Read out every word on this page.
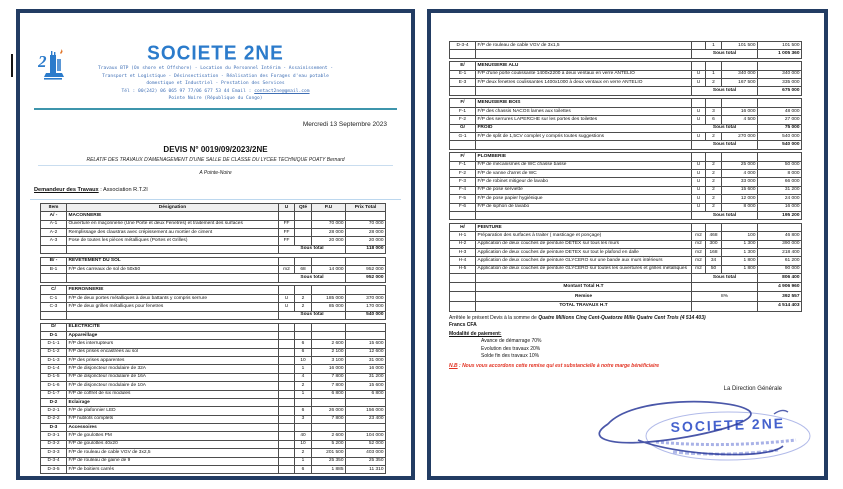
2	SOCIETE 2NE
Travaux BTP (On shore et Offshore) - Location du Personnel Intérim - Assainissement -
Transport et Logistique - Désinsectisation - Réalisation des Forages d'eau potable
domestique et Industriel - Prestation des Services
Tél : 00(242) 06 065 97 77/06 677 53 44 Email : contact2ne@gmail.com
Pointe Noire (République du Congo)
Mercredi 13 Septembre 2023
DEVIS N° 0019/09/2023/2NE
RELATIF DES TRAVAUX D'AMENAGEMENT D'UNE SALLE DE CLASSE DU LYCEE TECHNIQUE POATY Bernard
A Pointe-Noire
Demandeur des Travaux : Association R.T.2I
Item	Désignation	U	Qté	P.U	Prix Total
A/ -	MACONNERIE				
A-1	Ouverture en maçonnerie (Une Porte et deux Fenetres) et traitement des surfaces	FF		70 000	70 000
A-2	Remplissage des claustras avec crépissement au mortier de ciment	FF		28 000	28 000
A-3	Pose de toutes les pièces métalliques (Portes et Grilles)	FF		20 000	20 000
		Sous total			118 000

B/ -	REVETEMENT DU SOL				
B-1	F/P des carreaux de sol de 50x50	m2	68	14 000	952 000
		Sous total			952 000

C/	FERRONNERIE				
C-1	F/P de deux portes métalliques à deux battants y compris serrure	U	2	185 000	370 000
C-3	F/P de deux grilles métalliques pour fenetres	U	2	85 000	170 000
		Sous total			540 000

D/	ELECTRICITE				
D-1	Appareillage				
D-1-1	F/P des interrupteurs		6	2 600	15 600
D-1-2	F/P des prises encastrées au sol		6	2 100	12 600
D-1-3	F/P des prises apparentes		10	3 100	31 000
D-1-4	F/P de disjoncteur modulaire de 32A		1	16 000	16 000
D-1-5	F/P de disjoncteur modulaire de 16A		4	7 800	31 200
D-1-6	F/P de disjoncteur modulaire de 10A		2	7 800	15 600
D-1-7	F/P de coffret de six modules		1	6 800	6 800
D-2	Eclairage				
D-2-1	F/P de plafonnier LED		6	26 000	156 000
D-2-2	F/P hublots complets		3	7 800	23 400
D-3	Accessoires				
D-3-1	F/P de goulottes PM		40	2 600	104 000
D-3-2	F/P de goulottes 40x20		10	5 200	52 000
D-3-3	F/P de rouleau de cable VGV de 3x2,5		2	201 500	403 000
D-3-4	F/P de rouleau de gaine de 9		1	25 350	25 350
D-3-5	F/P de boitiers carrés		6	1 885	11 310
D-3-4	F/P de rouleau de cable VGV de 3x1,5		1	101 500	101 500
		Sous total			1 005 360

E/	MENUISERIE ALU				
E-1	F/P d'une porte coulissante 1400x2200 à deux ventaux en verre ANTELIO	U	1	340 000	340 000
E-3	F/P deux fenetres coulissantes 1400x1000 à deux ventaux en verre ANTELIO	U	2	167 500	335 000
		Sous total			675 000

F/	MENUISERIE BOIS				
F-1	F/P des chassis NACOS lames aux toilettes	U	3	16 000	48 000
F-2	F/P des serrures LAPERCHE sur les portes des toilettes	U	6	4 500	27 000
G/	FROID	Sous total			75 000
G-1	F/P de split de 1,5CV complet y compris toutes suggestions	U	2	270 000	540 000
		Sous total			540 000

F/	PLOMBERIE				
F-1	F/P de mécanismes de WC chasse basse	U	2	25 000	50 000
F-2	F/P de vanne d'arret de WC	U	2	4 000	8 000
F-3	F/P de robinet mitigeur de lavabo	U	2	33 000	66 000
F-4	F/P de pose serviette	U	2	15 600	31 200
F-5	F/P de pose papier hygiénique	U	2	12 000	24 000
F-6	F/P de siphon de lavabo	U	2	8 000	16 000
		Sous total			195 200

H/	PEINTURE				
H-1	Préparation des surfaces à traiter ( masticage et ponçage)	m2	468	100	46 800
H-2	Application de deux couches de peinture DETEX sur tous les murs	m2	300	1 300	390 000
H-3	Application de deux couches de peinture DETEX sur tout le plafond en dalle	m2	168	1 300	218 400
H-4	Application de deux couches de peinture GLYCERO sur une bande aux murs intérieurs	m2	34	1 800	61 200
H-5	Application de deux couches de peinture GLYCERO sur toutes les ouvertures et grilles métalliques	m2	50	1 800	90 000
		Sous total			806 400
	Montant Total H.T				4 906 960
	Remise	8%			392 557
	TOTAL TRAVAUX H.T				4 514 403
Arrêtée le présent Devis à la somme de Quatre Millions Cinq Cent-Quatorze Mille Quatre Cent Trois (4 514 403)
Francs CFA
Modalité de paiement:
Avance de démarrage 70%
Evolution des travaux 20%
Solde fin des travaux 10%
N.B : Nous vous accordons cette remise qui est substancielle à notre marge bénéficiaire
La Direction Générale
SOCIETE 2NE
